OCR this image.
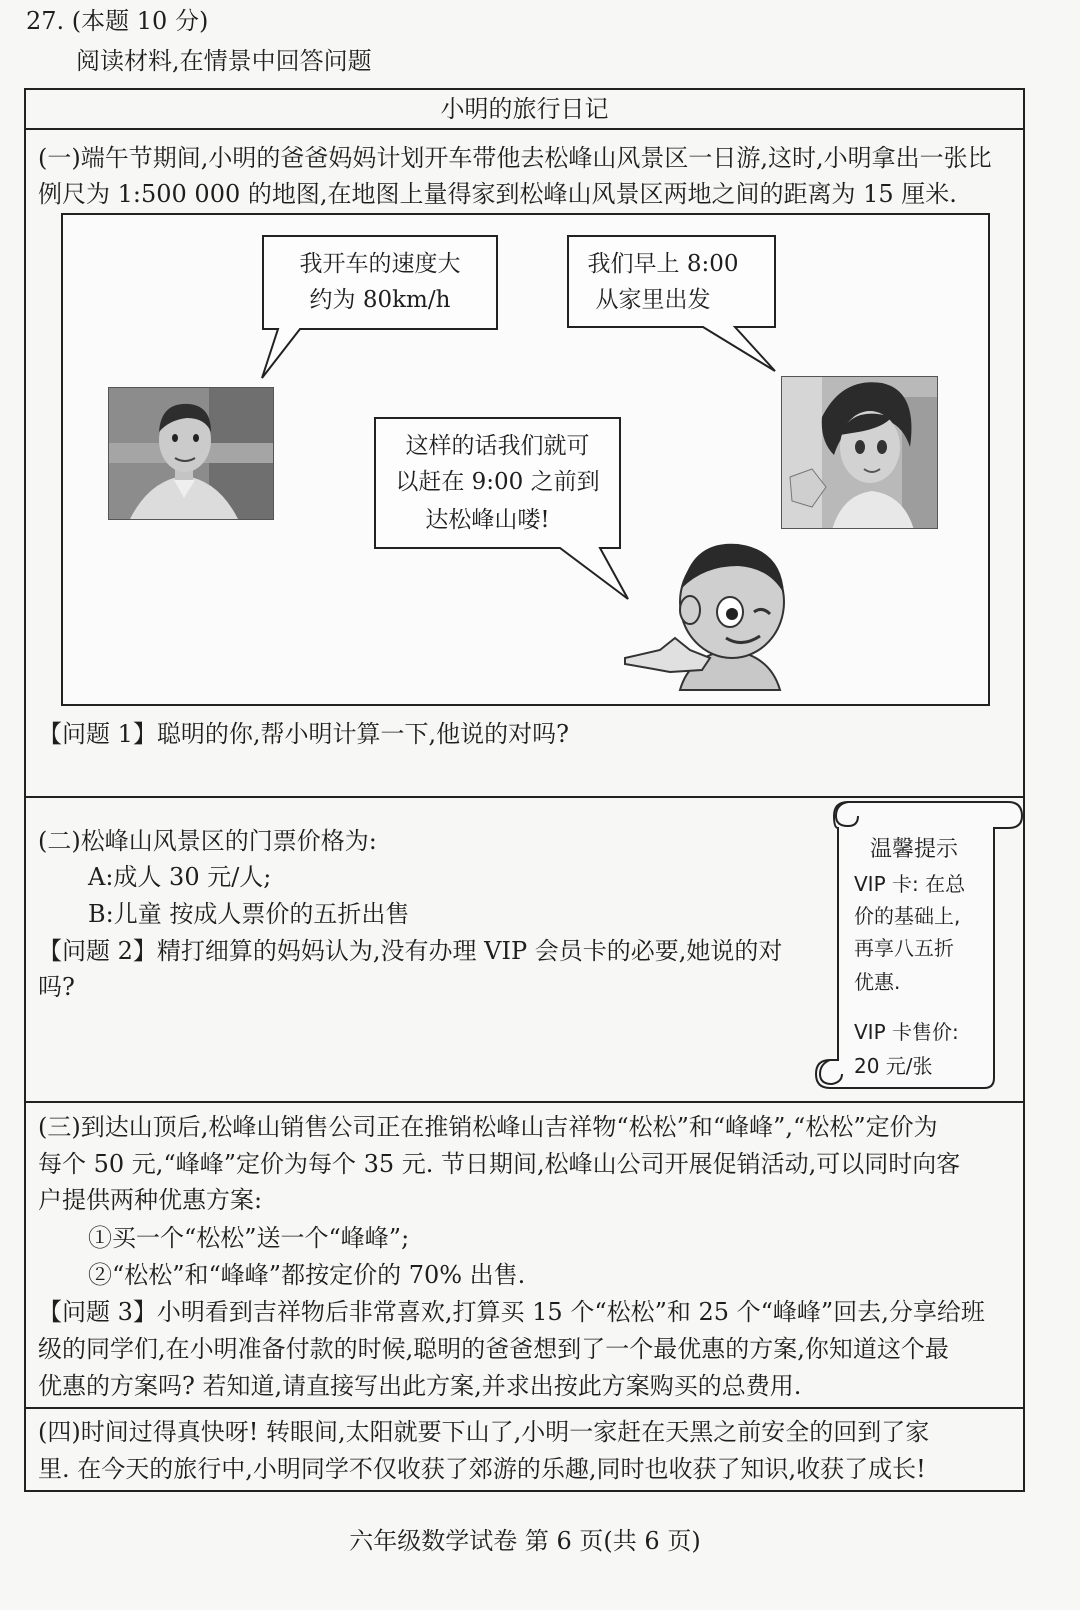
27. (本题 10 分)
阅读材料,在情景中回答问题
小明的旅行日记
(一)端午节期间,小明的爸爸妈妈计划开车带他去松峰山风景区一日游,这时,小明拿出一张比
例尺为 1:500 000 的地图,在地图上量得家到松峰山风景区两地之间的距离为 15 厘米.
我开车的速度大
约为 80km/h
我们早上 8:00
从家里出发
这样的话我们就可
以赶在 9:00 之前到
达松峰山喽!
【问题 1】聪明的你,帮小明计算一下,他说的对吗?
(二)松峰山风景区的门票价格为:
A:成人 30 元/人;
B:儿童 按成人票价的五折出售
【问题 2】精打细算的妈妈认为,没有办理 VIP 会员卡的必要,她说的对
吗?
温馨提示
VIP 卡: 在总
价的基础上,
再享八五折
优惠.
VIP 卡售价:
20 元/张
(三)到达山顶后,松峰山销售公司正在推销松峰山吉祥物“松松”和“峰峰”,“松松”定价为
每个 50 元,“峰峰”定价为每个 35 元. 节日期间,松峰山公司开展促销活动,可以同时向客
户提供两种优惠方案:
①买一个“松松”送一个“峰峰”;
②“松松”和“峰峰”都按定价的 70% 出售.
【问题 3】小明看到吉祥物后非常喜欢,打算买 15 个“松松”和 25 个“峰峰”回去,分享给班
级的同学们,在小明准备付款的时候,聪明的爸爸想到了一个最优惠的方案,你知道这个最
优惠的方案吗? 若知道,请直接写出此方案,并求出按此方案购买的总费用.
(四)时间过得真快呀! 转眼间,太阳就要下山了,小明一家赶在天黑之前安全的回到了家
里. 在今天的旅行中,小明同学不仅收获了郊游的乐趣,同时也收获了知识,收获了成长!
六年级数学试卷 第 6 页(共 6 页)
